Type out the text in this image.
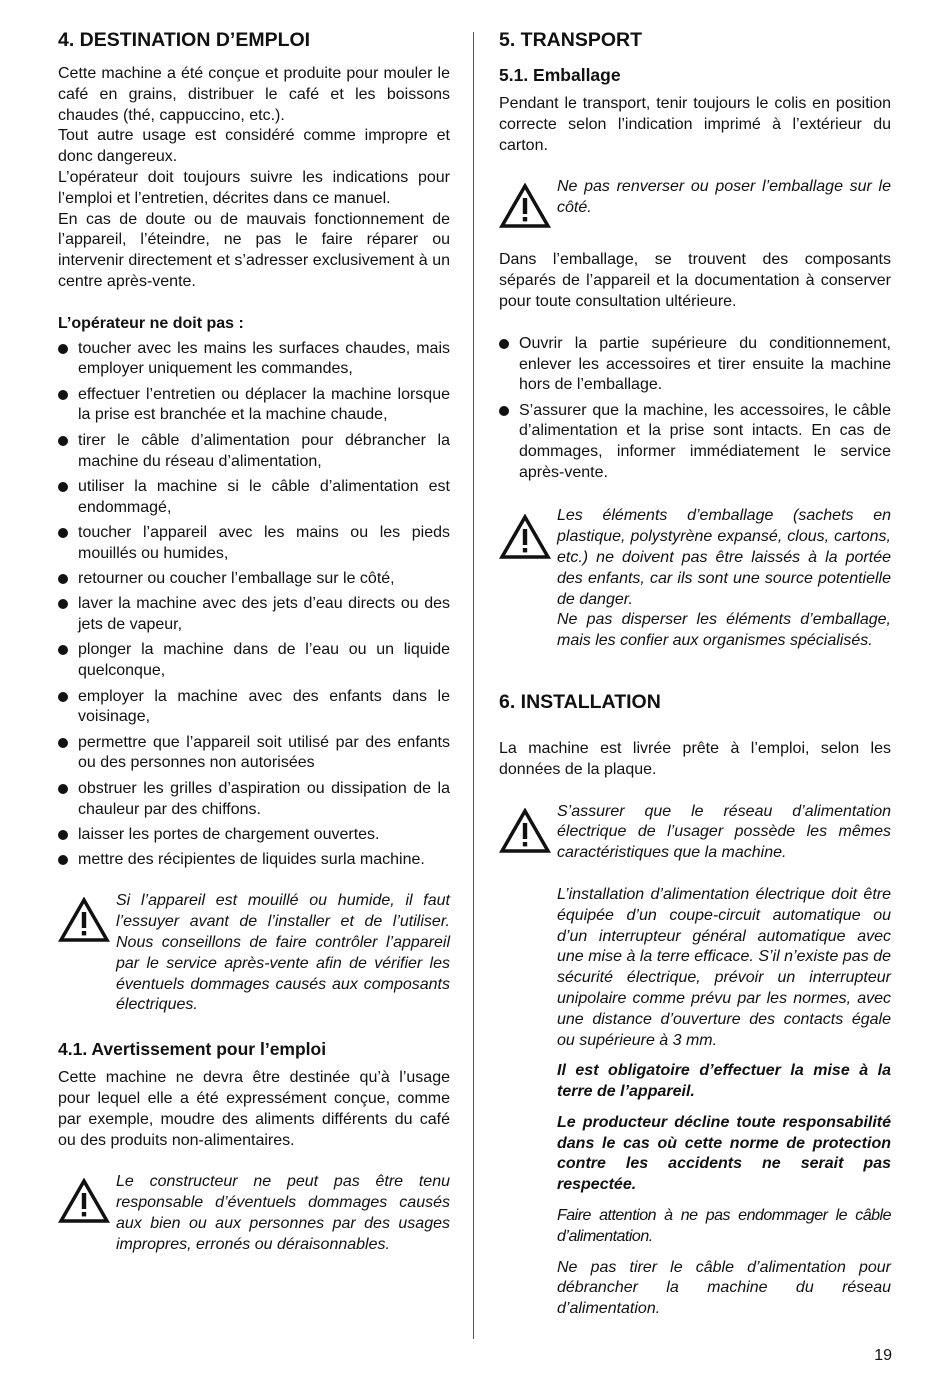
4. DESTINATION D’EMPLOI

Cette machine a été conçue et produite pour mouler le café en grains, distribuer le café et les boissons chaudes (thé, cappuccino, etc.).

Tout autre usage est considéré comme impropre et donc dangereux.

L’opérateur doit toujours suivre les indications pour l’emploi et l’entretien, décrites dans ce manuel.

En cas de doute ou de mauvais fonctionnement de l’appareil, l’éteindre, ne pas le faire réparer ou intervenir directement et s’adresser exclusivement à un centre après-vente.

L’opérateur ne doit pas :

toucher avec les mains les surfaces chaudes, mais employer uniquement les commandes,
effectuer l’entretien ou déplacer la machine lorsque la prise est branchée et la machine chaude,
tirer le câble d’alimentation pour débrancher la machine du réseau d’alimentation,
utiliser la machine si le câble d’alimentation est endommagé,
toucher l’appareil avec les mains ou les pieds mouillés ou humides,
retourner ou coucher l’emballage sur le côté,
laver la machine avec des jets d’eau directs ou des jets de vapeur,
plonger la machine dans de l’eau ou un liquide quelconque,
employer la machine avec des enfants dans le voisinage,
permettre que l’appareil soit utilisé par des enfants ou des personnes non autorisées
obstruer les grilles d’aspiration ou dissipation de la chauleur par des chiffons.
laisser les portes de chargement ouvertes.
mettre des récipientes de liquides surla machine.

Si l’appareil est mouillé ou humide, il faut l’essuyer avant de l’installer et de l’utiliser. Nous conseillons de faire contrôler l’appareil par le service après-vente afin de vérifier les éventuels dommages causés aux composants électriques.

4.1. Avertissement pour l’emploi

Cette machine ne devra être destinée qu’à l’usage pour lequel elle a été expressément conçue, comme par exemple, moudre des aliments différents du café ou des produits non-alimentaires.

Le constructeur ne peut pas être tenu responsable d’éventuels dommages causés aux bien ou aux personnes par des usages impropres, erronés ou déraisonnables.

5. TRANSPORT
5.1. Emballage

Pendant le transport, tenir toujours le colis en position correcte selon l’indication imprimé à l’extérieur du carton.

Ne pas renverser ou poser l’emballage sur le côté.

Dans l’emballage, se trouvent des composants séparés de l’appareil et la documentation à conserver pour toute consultation ultérieure.

Ouvrir la partie supérieure du conditionnement, enlever les accessoires et tirer ensuite la machine hors de l’emballage.
S’assurer que la machine, les accessoires, le câble d’alimentation et la prise sont intacts. En cas de dommages, informer immédiatement le service après-vente.

Les éléments d’emballage (sachets en plastique, polystyrène expansé, clous, cartons, etc.) ne doivent pas être laissés à la portée des enfants, car ils sont une source potentielle de danger.

Ne pas disperser les éléments d’emballage, mais les confier aux organismes spécialisés.

6. INSTALLATION

La machine est livrée prête à l’emploi, selon les données de la plaque.

S’assurer que le réseau d’alimentation électrique de l’usager possède les mêmes caractéristiques que la machine.

L’installation d’alimentation électrique doit être équipée d’un coupe-circuit automatique ou d’un interrupteur général automatique avec une mise à la terre efficace. S’il n’existe pas de sécurité électrique, prévoir un interrupteur unipolaire comme prévu par les normes, avec une distance d’ouverture des contacts égale ou supérieure à 3 mm.

Il est obligatoire d’effectuer la mise à la terre de l’appareil.

Le producteur décline toute responsabilité dans le cas où cette norme de protection contre les accidents ne serait pas respectée.

Faire attention à ne pas endommager le câble d’alimentation.

Ne pas tirer le câble d’alimentation pour débrancher la machine du réseau d’alimentation.

19
